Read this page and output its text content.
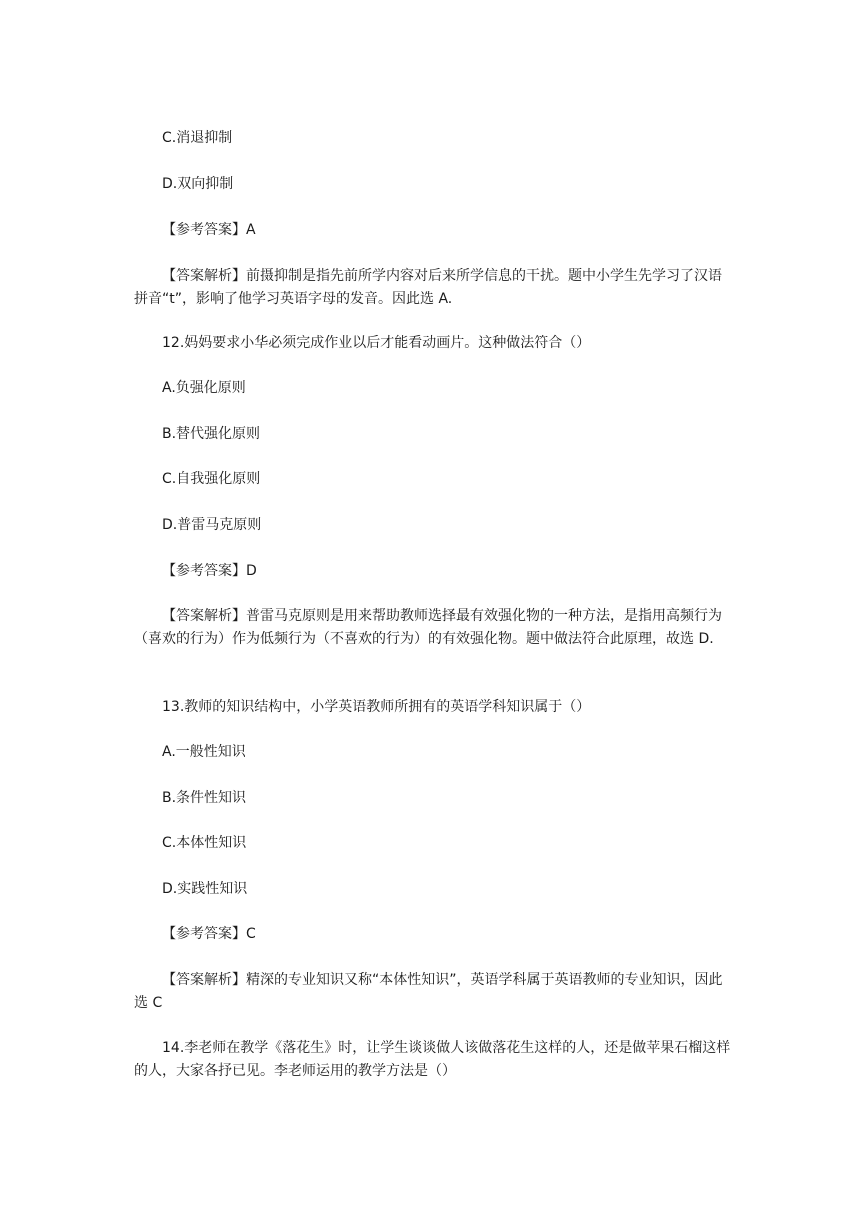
C.消退抑制

D.双向抑制

【参考答案】A

【答案解析】前摄抑制是指先前所学内容对后来所学信息的干扰。题中小学生先学习了汉语拼音“t”，影响了他学习英语字母的发音。因此选 A.

12.妈妈要求小华必须完成作业以后才能看动画片。这种做法符合（）

A.负强化原则

B.替代强化原则

C.自我强化原则

D.普雷马克原则

【参考答案】D

【答案解析】普雷马克原则是用来帮助教师选择最有效强化物的一种方法，是指用高频行为（喜欢的行为）作为低频行为（不喜欢的行为）的有效强化物。题中做法符合此原理，故选 D.

13.教师的知识结构中，小学英语教师所拥有的英语学科知识属于（）

A.一般性知识

B.条件性知识

C.本体性知识

D.实践性知识

【参考答案】C

【答案解析】精深的专业知识又称“本体性知识”，英语学科属于英语教师的专业知识，因此选 C

14.李老师在教学《落花生》时，让学生谈谈做人该做落花生这样的人，还是做苹果石榴这样的人，大家各抒已见。李老师运用的教学方法是（）
